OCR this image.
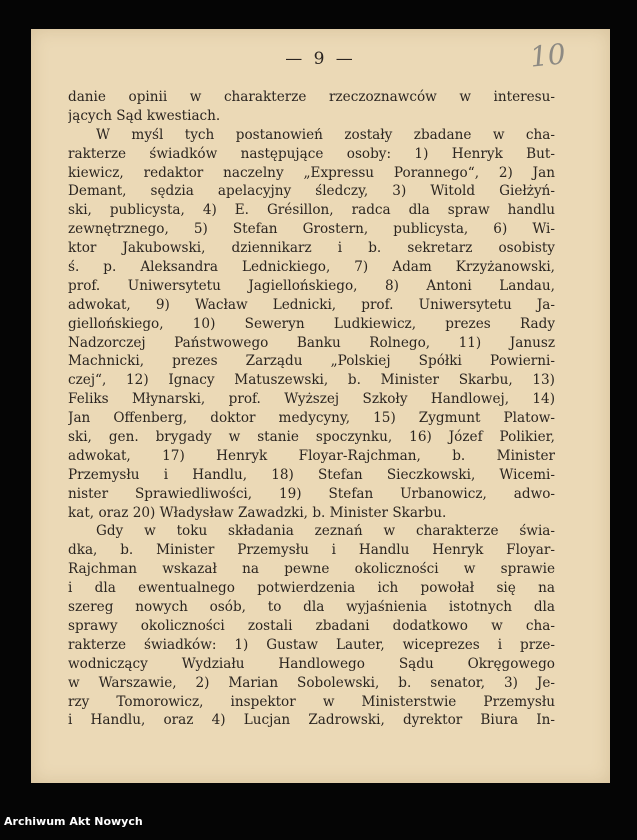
— 9 —	10
danie opinii w charakterze rzeczoznawców w interesu-
jących Sąd kwestiach.
W myśl tych postanowień zostały zbadane w cha-
rakterze świadków następujące osoby: 1) Henryk But-
kiewicz, redaktor naczelny „Expressu Porannego“, 2) Jan
Demant, sędzia apelacyjny śledczy, 3) Witold Giełżyń-
ski, publicysta, 4) E. Grésillon, radca dla spraw handlu
zewnętrznego, 5) Stefan Grostern, publicysta, 6) Wi-
ktor Jakubowski, dziennikarz i b. sekretarz osobisty
ś. p. Aleksandra Lednickiego, 7) Adam Krzyżanowski,
prof. Uniwersytetu Jagiellońskiego, 8) Antoni Landau,
adwokat, 9) Wacław Lednicki, prof. Uniwersytetu Ja-
giellońskiego, 10) Seweryn Ludkiewicz, prezes Rady
Nadzorczej Państwowego Banku Rolnego, 11) Janusz
Machnicki, prezes Zarządu „Polskiej Spółki Powierni-
czej“, 12) Ignacy Matuszewski, b. Minister Skarbu, 13)
Feliks Młynarski, prof. Wyższej Szkoły Handlowej, 14)
Jan Offenberg, doktor medycyny, 15) Zygmunt Platow-
ski, gen. brygady w stanie spoczynku, 16) Józef Polikier,
adwokat, 17) Henryk Floyar-Rajchman, b. Minister
Przemysłu i Handlu, 18) Stefan Sieczkowski, Wicemi-
nister Sprawiedliwości, 19) Stefan Urbanowicz, adwo-
kat, oraz 20) Władysław Zawadzki, b. Minister Skarbu.
Gdy w toku składania zeznań w charakterze świa-
dka, b. Minister Przemysłu i Handlu Henryk Floyar-
Rajchman wskazał na pewne okoliczności w sprawie
i dla ewentualnego potwierdzenia ich powołał się na
szereg nowych osób, to dla wyjaśnienia istotnych dla
sprawy okoliczności zostali zbadani dodatkowo w cha-
rakterze świadków: 1) Gustaw Lauter, wiceprezes i prze-
wodniczący Wydziału Handlowego Sądu Okręgowego
w Warszawie, 2) Marian Sobolewski, b. senator, 3) Je-
rzy Tomorowicz, inspektor w Ministerstwie Przemysłu
i Handlu, oraz 4) Lucjan Zadrowski, dyrektor Biura In-
Archiwum Akt Nowych
